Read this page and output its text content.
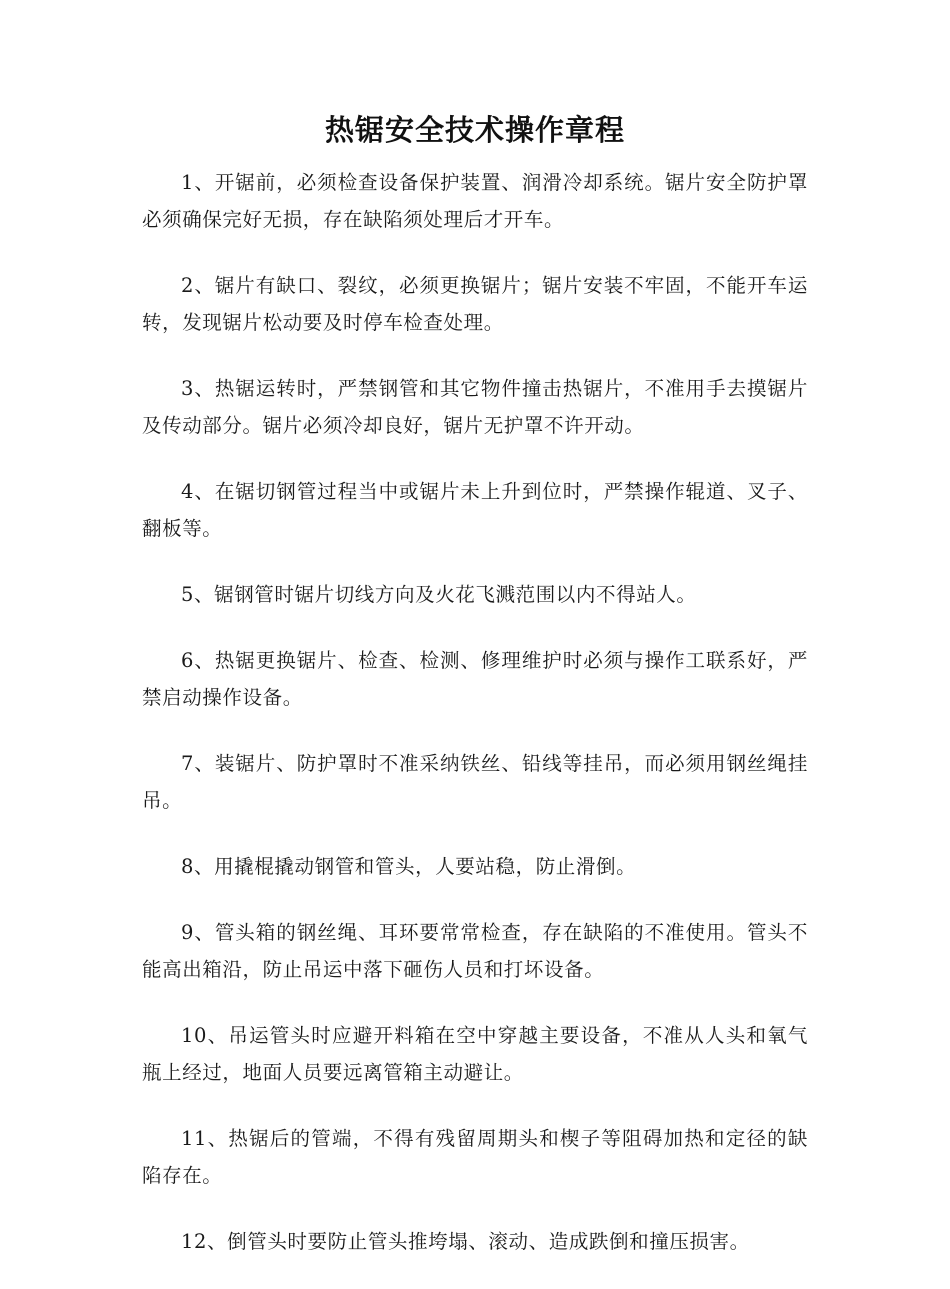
热锯安全技术操作章程

1、开锯前，必须检查设备保护装置、润滑冷却系统。锯片安全防护罩必须确保完好无损，存在缺陷须处理后才开车。

2、锯片有缺口、裂纹，必须更换锯片；锯片安装不牢固，不能开车运转，发现锯片松动要及时停车检查处理。

3、热锯运转时，严禁钢管和其它物件撞击热锯片，不准用手去摸锯片及传动部分。锯片必须冷却良好，锯片无护罩不许开动。

4、在锯切钢管过程当中或锯片未上升到位时，严禁操作辊道、叉子、翻板等。

5、锯钢管时锯片切线方向及火花飞溅范围以内不得站人。

6、热锯更换锯片、检查、检测、修理维护时必须与操作工联系好，严禁启动操作设备。

7、装锯片、防护罩时不准采纳铁丝、铅线等挂吊，而必须用钢丝绳挂吊。

8、用撬棍撬动钢管和管头，人要站稳，防止滑倒。

9、管头箱的钢丝绳、耳环要常常检查，存在缺陷的不准使用。管头不能高出箱沿，防止吊运中落下砸伤人员和打坏设备。

10、吊运管头时应避开料箱在空中穿越主要设备，不准从人头和氧气瓶上经过，地面人员要远离管箱主动避让。

11、热锯后的管端，不得有残留周期头和楔子等阻碍加热和定径的缺陷存在。

12、倒管头时要防止管头推垮塌、滚动、造成跌倒和撞压损害。
